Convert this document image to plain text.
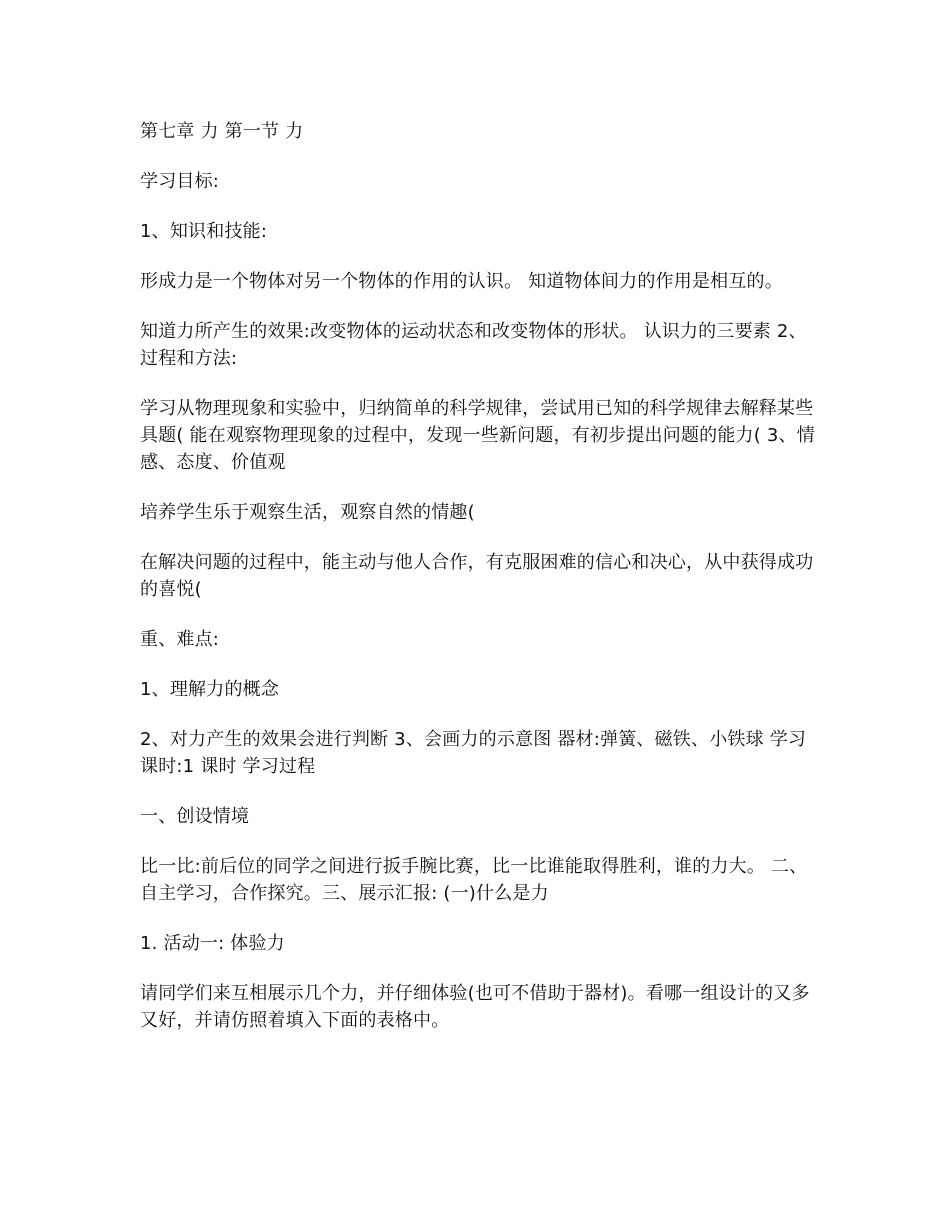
第七章 力 第一节 力

学习目标:

1、知识和技能:

形成力是一个物体对另一个物体的作用的认识。 知道物体间力的作用是相互的。

知道力所产生的效果:改变物体的运动状态和改变物体的形状。 认识力的三要素 2、过程和方法:

学习从物理现象和实验中，归纳简单的科学规律，尝试用已知的科学规律去解释某些具题( 能在观察物理现象的过程中，发现一些新问题，有初步提出问题的能力( 3、情感、态度、价值观

培养学生乐于观察生活，观察自然的情趣(

在解决问题的过程中，能主动与他人合作，有克服困难的信心和决心，从中获得成功的喜悦(

重、难点:

1、理解力的概念

2、对力产生的效果会进行判断 3、会画力的示意图 器材:弹簧、磁铁、小铁球 学习课时:1 课时 学习过程

一、创设情境

比一比:前后位的同学之间进行扳手腕比赛，比一比谁能取得胜利，谁的力大。 二、 自主学习，合作探究。三、展示汇报: (一)什么是力

1. 活动一: 体验力

请同学们来互相展示几个力，并仔细体验(也可不借助于器材)。看哪一组设计的又多又好，并请仿照着填入下面的表格中。
